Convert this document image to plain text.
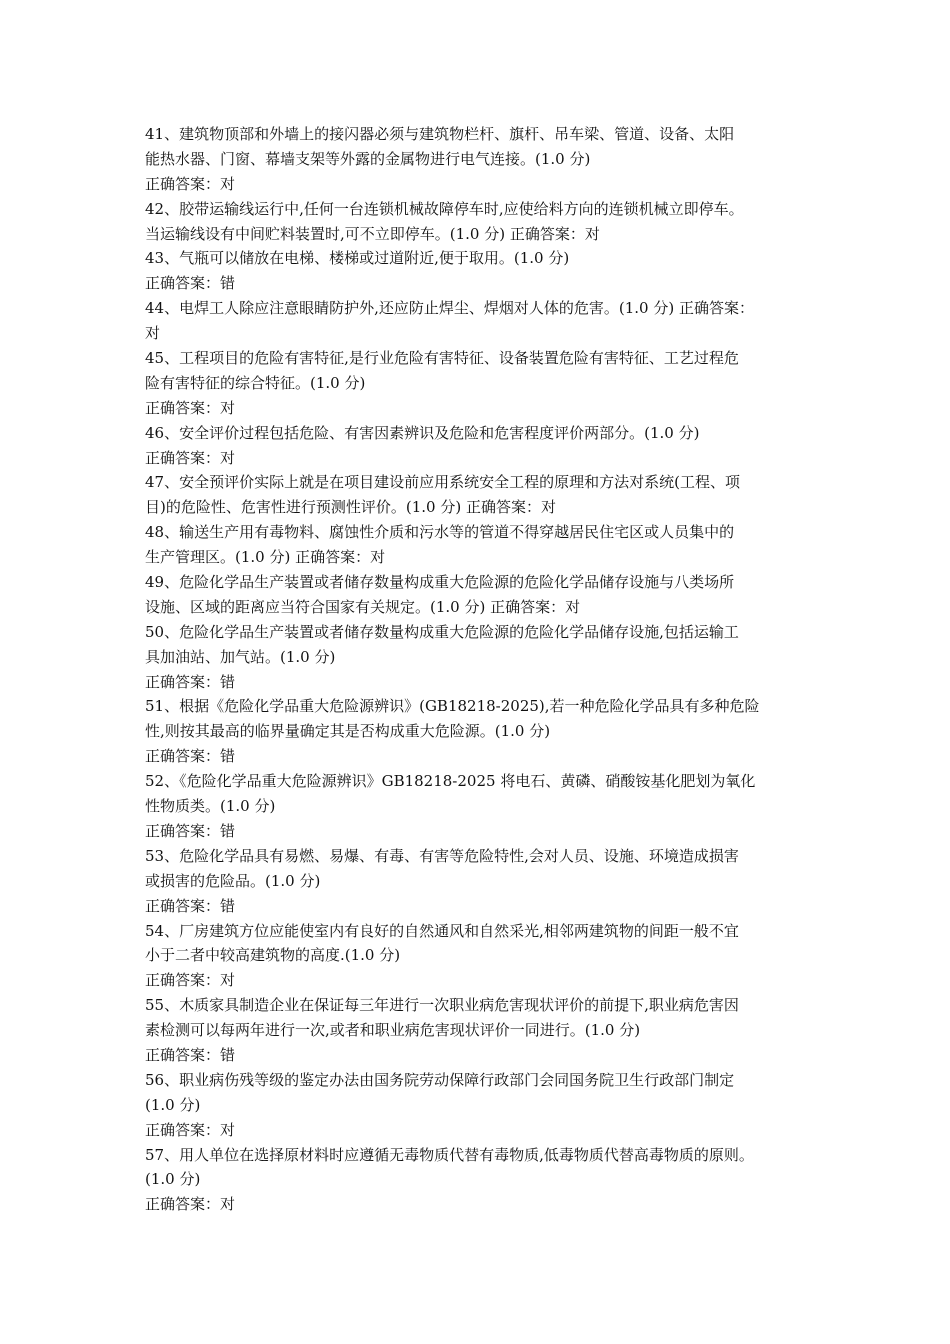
41、建筑物顶部和外墙上的接闪器必须与建筑物栏杆、旗杆、吊车梁、管道、设备、太阳
能热水器、门窗、幕墙支架等外露的金属物进行电气连接。(1.0 分)
正确答案：对
42、胶带运输线运行中,任何一台连锁机械故障停车时,应使给料方向的连锁机械立即停车。
当运输线设有中间贮料装置时,可不立即停车。(1.0 分) 正确答案：对
43、气瓶可以储放在电梯、楼梯或过道附近,便于取用。(1.0 分)
正确答案：错
44、电焊工人除应注意眼睛防护外,还应防止焊尘、焊烟对人体的危害。(1.0 分) 正确答案：
对
45、工程项目的危险有害特征,是行业危险有害特征、设备装置危险有害特征、工艺过程危
险有害特征的综合特征。(1.0 分)
正确答案：对
46、安全评价过程包括危险、有害因素辨识及危险和危害程度评价两部分。(1.0 分)
正确答案：对
47、安全预评价实际上就是在项目建设前应用系统安全工程的原理和方法对系统(工程、项
目)的危险性、危害性进行预测性评价。(1.0 分) 正确答案：对
48、输送生产用有毒物料、腐蚀性介质和污水等的管道不得穿越居民住宅区或人员集中的
生产管理区。(1.0 分) 正确答案：对
49、危险化学品生产装置或者储存数量构成重大危险源的危险化学品储存设施与八类场所
设施、区域的距离应当符合国家有关规定。(1.0 分) 正确答案：对
50、危险化学品生产装置或者储存数量构成重大危险源的危险化学品储存设施,包括运输工
具加油站、加气站。(1.0 分)
正确答案：错
51、根据《危险化学品重大危险源辨识》(GB18218-2025),若一种危险化学品具有多种危险
性,则按其最高的临界量确定其是否构成重大危险源。(1.0 分)
正确答案：错
52、《危险化学品重大危险源辨识》GB18218-2025 将电石、黄磷、硝酸铵基化肥划为氧化
性物质类。(1.0 分)
正确答案：错
53、危险化学品具有易燃、易爆、有毒、有害等危险特性,会对人员、设施、环境造成损害
或损害的危险品。(1.0 分)
正确答案：错
54、厂房建筑方位应能使室内有良好的自然通风和自然采光,相邻两建筑物的间距一般不宜
小于二者中较高建筑物的高度.(1.0 分)
正确答案：对
55、木质家具制造企业在保证每三年进行一次职业病危害现状评价的前提下,职业病危害因
素检测可以每两年进行一次,或者和职业病危害现状评价一同进行。(1.0 分)
正确答案：错
56、职业病伤残等级的鉴定办法由国务院劳动保障行政部门会同国务院卫生行政部门制定
(1.0 分)
正确答案：对
57、用人单位在选择原材料时应遵循无毒物质代替有毒物质,低毒物质代替高毒物质的原则。
(1.0 分)
正确答案：对
